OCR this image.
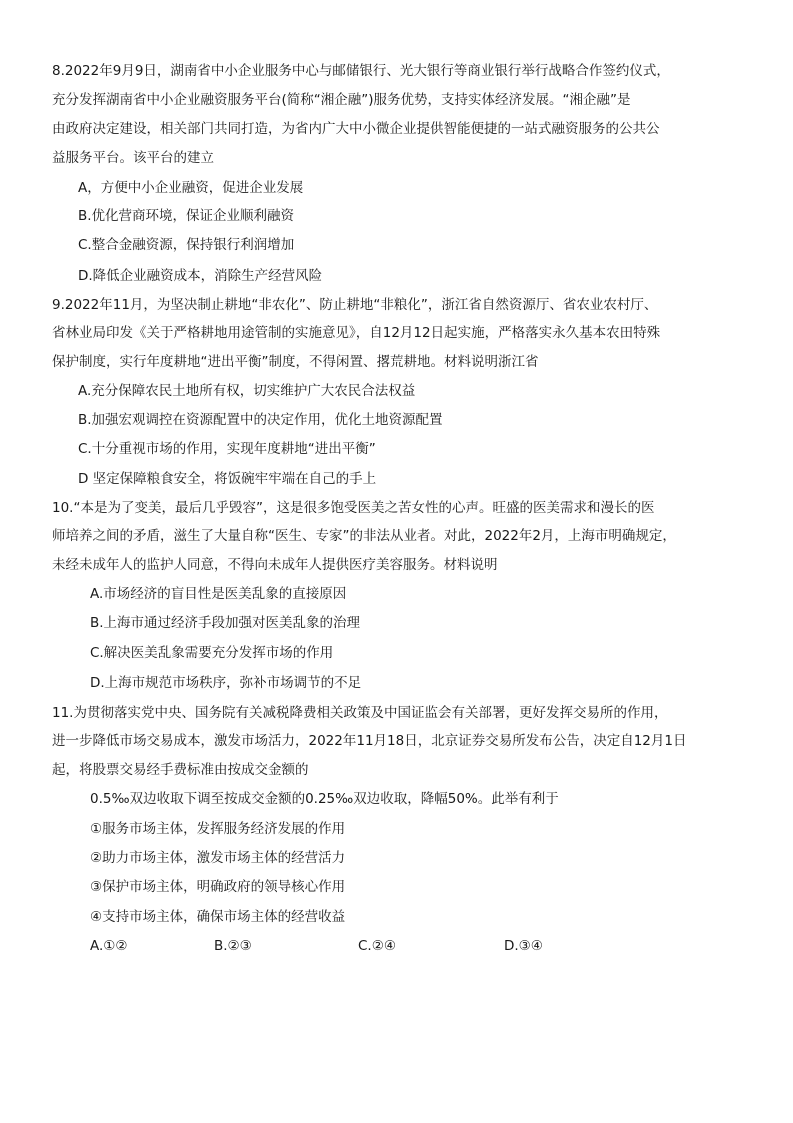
8.2022年9月9日，湖南省中小企业服务中心与邮储银行、光大银行等商业银行举行战略合作签约仪式，
充分发挥湖南省中小企业融资服务平台(简称“湘企融”)服务优势，支持实体经济发展。“湘企融”是
由政府决定建设，相关部门共同打造，为省内广大中小微企业提供智能便捷的一站式融资服务的公共公
益服务平台。该平台的建立
A，方便中小企业融资，促进企业发展
B.优化营商环境，保证企业顺利融资
C.整合金融资源，保持银行利润增加
D.降低企业融资成本，消除生产经营风险
9.2022年11月，为坚决制止耕地“非农化”、防止耕地“非粮化”，浙江省自然资源厅、省农业农村厅、
省林业局印发《关于严格耕地用途管制的实施意见》，自12月12日起实施，严格落实永久基本农田特殊
保护制度，实行年度耕地“进出平衡”制度，不得闲置、撂荒耕地。材料说明浙江省
A.充分保障农民土地所有权，切实维护广大农民合法权益
B.加强宏观调控在资源配置中的决定作用，优化土地资源配置
C.十分重视市场的作用，实现年度耕地“进出平衡”
D 坚定保障粮食安全，将饭碗牢牢端在自己的手上
10.“本是为了变美，最后几乎毁容”，这是很多饱受医美之苦女性的心声。旺盛的医美需求和漫长的医
师培养之间的矛盾，滋生了大量自称“医生、专家”的非法从业者。对此，2022年2月，上海市明确规定，
未经未成年人的监护人同意，不得向未成年人提供医疗美容服务。材料说明
A.市场经济的盲目性是医美乱象的直接原因
B.上海市通过经济手段加强对医美乱象的治理
C.解决医美乱象需要充分发挥市场的作用
D.上海市规范市场秩序，弥补市场调节的不足
11.为贯彻落实党中央、国务院有关减税降费相关政策及中国证监会有关部署，更好发挥交易所的作用，
进一步降低市场交易成本，激发市场活力，2022年11月18日，北京证券交易所发布公告，决定自12月1日
起，将股票交易经手费标准由按成交金额的
0.5‰双边收取下调至按成交金额的0.25‰双边收取，降幅50%。此举有利于
①服务市场主体，发挥服务经济发展的作用
②助力市场主体，激发市场主体的经营活力
③保护市场主体，明确政府的领导核心作用
④支持市场主体，确保市场主体的经营收益
A.①②	B.②③	C.②④	D.③④
